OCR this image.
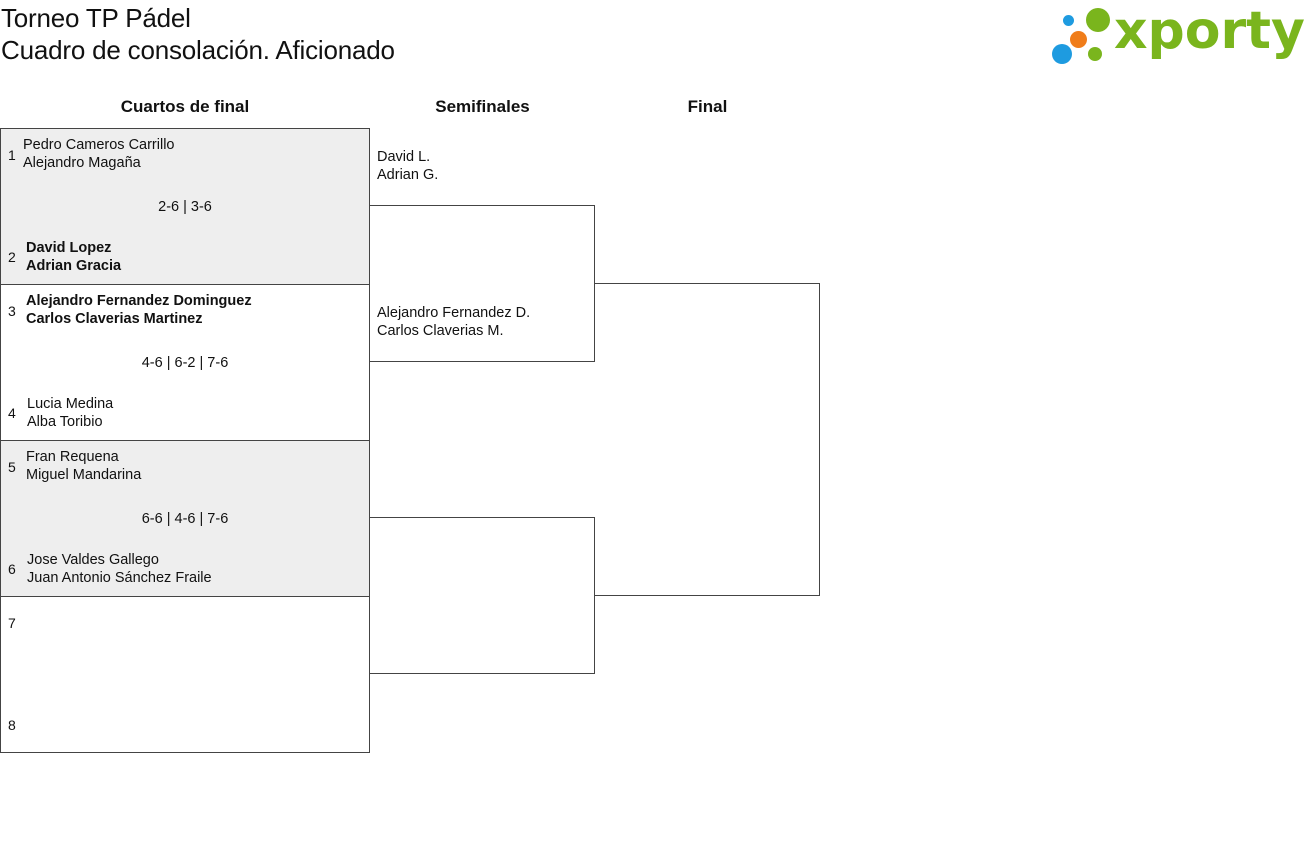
Torneo TP Pádel
Cuadro de consolación. Aficionado	xporty
Cuartos de final	Semifinales	Final
1
Pedro Cameros Carrillo
Alejandro Magaña
2-6 | 3-6
2
David Lopez
Adrian Gracia
3
Alejandro Fernandez Dominguez
Carlos Claverias Martinez
4-6 | 6-2 | 7-6
4
Lucia Medina
Alba Toribio
5
Fran Requena
Miguel Mandarina
6-6 | 4-6 | 7-6
6
Jose Valdes Gallego
Juan Antonio Sánchez Fraile
7
8
David L.
Adrian G.
Alejandro Fernandez D.
Carlos Claverias M.
